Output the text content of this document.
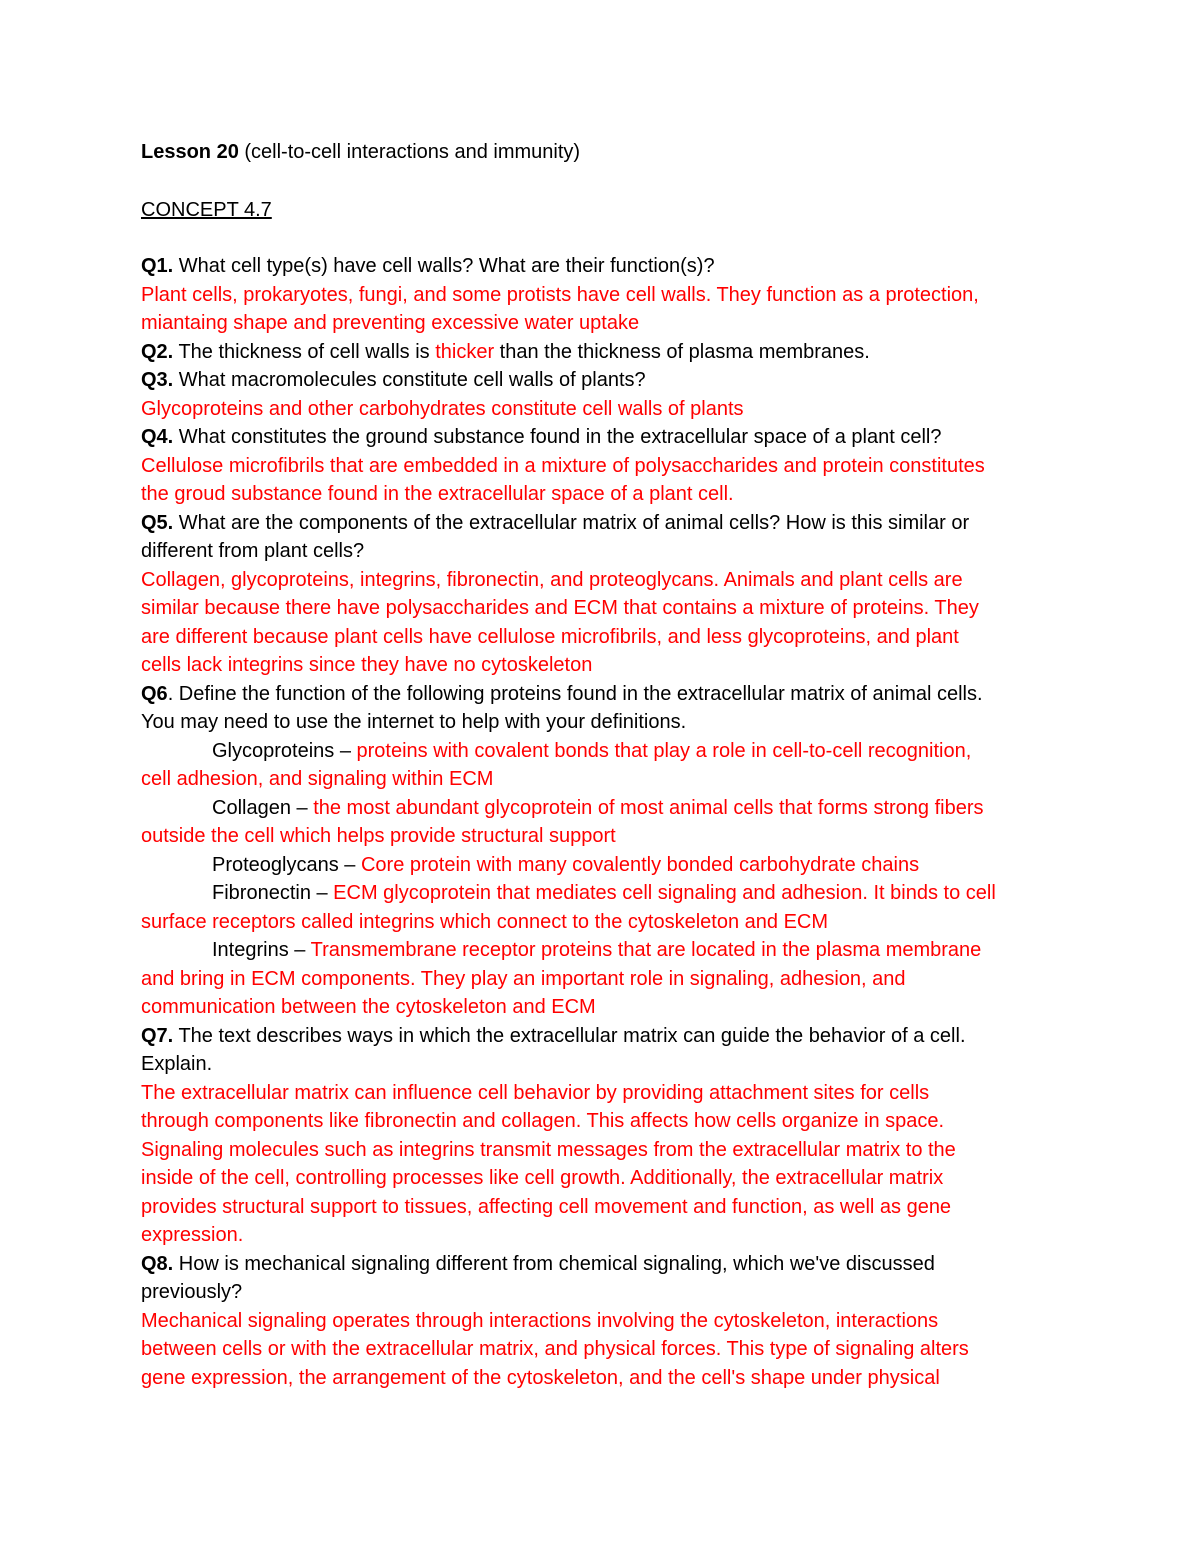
Lesson 20 (cell-to-cell interactions and immunity)
CONCEPT 4.7
Q1. What cell type(s) have cell walls? What are their function(s)?
Plant cells, prokaryotes, fungi, and some protists have cell walls. They function as a protection,
miantaing shape and preventing excessive water uptake
Q2. The thickness of cell walls is thicker than the thickness of plasma membranes.
Q3. What macromolecules constitute cell walls of plants?
Glycoproteins and other carbohydrates constitute cell walls of plants
Q4. What constitutes the ground substance found in the extracellular space of a plant cell?
Cellulose microfibrils that are embedded in a mixture of polysaccharides and protein constitutes
the groud substance found in the extracellular space of a plant cell.
Q5. What are the components of the extracellular matrix of animal cells? How is this similar or
different from plant cells?
Collagen, glycoproteins, integrins, fibronectin, and proteoglycans. Animals and plant cells are
similar because there have polysaccharides and ECM that contains a mixture of proteins. They
are different because plant cells have cellulose microfibrils, and less glycoproteins, and plant
cells lack integrins since they have no cytoskeleton
Q6. Define the function of the following proteins found in the extracellular matrix of animal cells.
You may need to use the internet to help with your definitions.
Glycoproteins – proteins with covalent bonds that play a role in cell-to-cell recognition,
cell adhesion, and signaling within ECM
Collagen – the most abundant glycoprotein of most animal cells that forms strong fibers
outside the cell which helps provide structural support
Proteoglycans – Core protein with many covalently bonded carbohydrate chains
Fibronectin – ECM glycoprotein that mediates cell signaling and adhesion. It binds to cell
surface receptors called integrins which connect to the cytoskeleton and ECM
Integrins – Transmembrane receptor proteins that are located in the plasma membrane
and bring in ECM components. They play an important role in signaling, adhesion, and
communication between the cytoskeleton and ECM
Q7. The text describes ways in which the extracellular matrix can guide the behavior of a cell.
Explain.
The extracellular matrix can influence cell behavior by providing attachment sites for cells
through components like fibronectin and collagen. This affects how cells organize in space.
Signaling molecules such as integrins transmit messages from the extracellular matrix to the
inside of the cell, controlling processes like cell growth. Additionally, the extracellular matrix
provides structural support to tissues, affecting cell movement and function, as well as gene
expression.
Q8. How is mechanical signaling different from chemical signaling, which we've discussed
previously?
Mechanical signaling operates through interactions involving the cytoskeleton, interactions
between cells or with the extracellular matrix, and physical forces. This type of signaling alters
gene expression, the arrangement of the cytoskeleton, and the cell's shape under physical
